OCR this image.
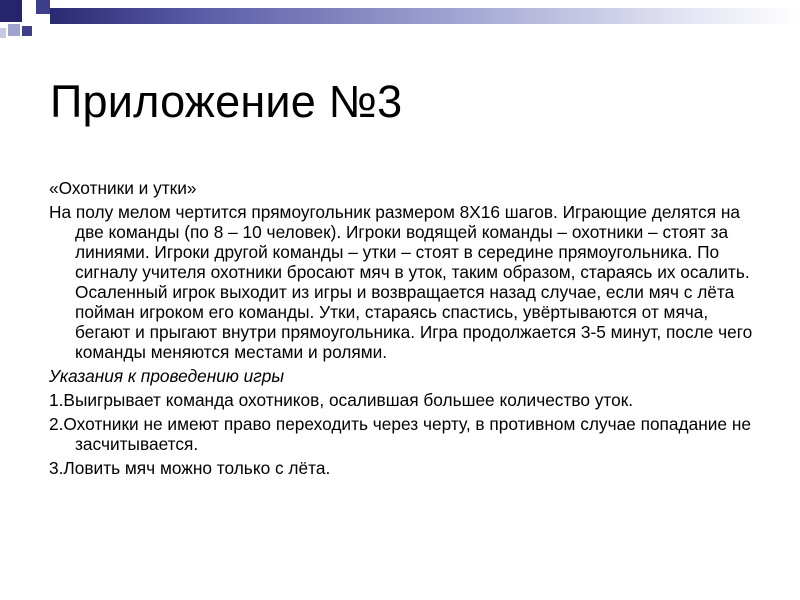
Приложение №3

«Охотники и утки»

На полу мелом чертится прямоугольник размером 8Х16 шагов. Играющие делятся на две команды (по 8 – 10 человек). Игроки водящей команды – охотники – стоят за линиями. Игроки другой команды – утки – стоят в середине прямоугольника. По сигналу учителя охотники бросают мяч в уток, таким образом, стараясь их осалить. Осаленный игрок выходит из игры и возвращается назад случае, если мяч с лёта пойман игроком его команды. Утки, стараясь спастись, увёртываются от мяча, бегают и прыгают внутри прямоугольника. Игра продолжается 3-5 минут, после чего команды меняются местами и ролями.

Указания к проведению игры

1.Выигрывает команда охотников, осалившая большее количество уток.

2.Охотники не имеют право переходить через черту, в противном случае попадание не засчитывается.

3.Ловить мяч можно только с лёта.
